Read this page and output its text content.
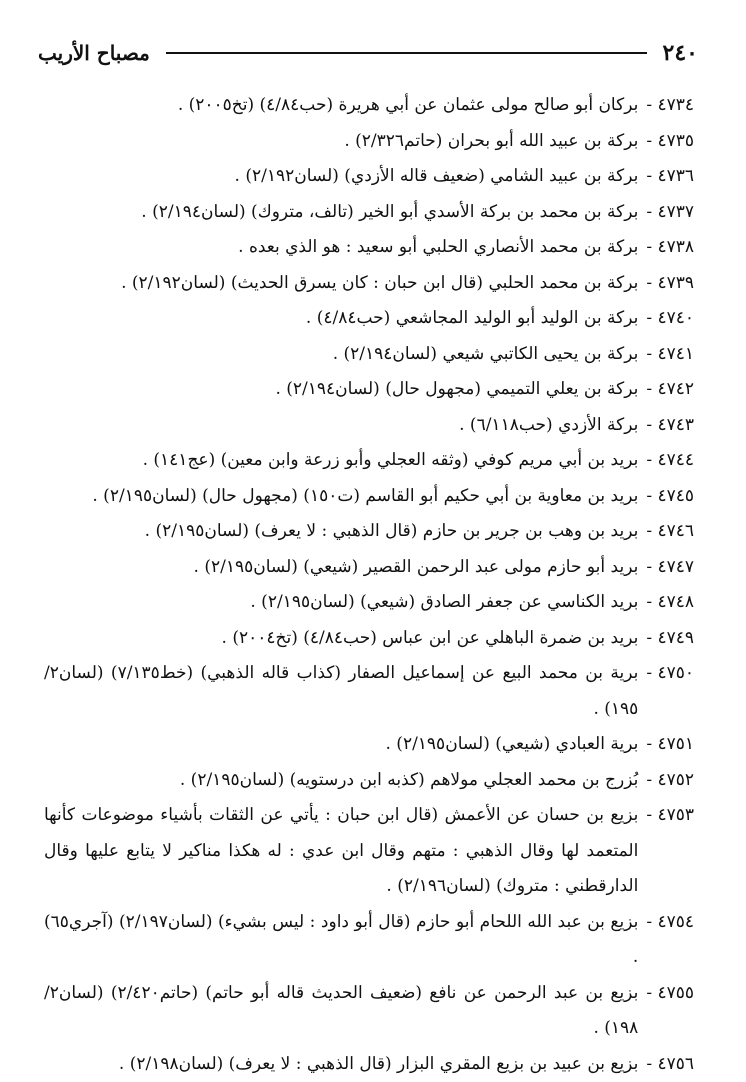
٢٤٠
مصباح الأريب
٤٧٣٤ -
بركان أبو صالح مولى عثمان عن أبي هريرة (حب٤/٨٤) (تخ٢٠٠٥) .
٤٧٣٥ -
بركة بن عبيد الله أبو بحران (حاتم٢/٣٢٦) .
٤٧٣٦ -
بركة بن عبيد الشامي (ضعيف قاله الأزدي) (لسان٢/١٩٢) .
٤٧٣٧ -
بركة بن محمد بن بركة الأسدي أبو الخير (تالف، متروك) (لسان٢/١٩٤) .
٤٧٣٨ -
بركة بن محمد الأنصاري الحلبي أبو سعيد : هو الذي بعده .
٤٧٣٩ -
بركة بن محمد الحلبي (قال ابن حبان : كان يسرق الحديث) (لسان٢/١٩٢) .
٤٧٤٠ -
بركة بن الوليد أبو الوليد المجاشعي (حب٤/٨٤) .
٤٧٤١ -
بركة بن يحيى الكاتبي شيعي (لسان٢/١٩٤) .
٤٧٤٢ -
بركة بن يعلي التميمي (مجهول حال) (لسان٢/١٩٤) .
٤٧٤٣ -
بركة الأزدي (حب٦/١١٨) .
٤٧٤٤ -
بريد بن أبي مريم كوفي (وثقه العجلي وأبو زرعة وابن معين) (عج١٤١) .
٤٧٤٥ -
بريد بن معاوية بن أبي حكيم أبو القاسم (ت١٥٠) (مجهول حال) (لسان٢/١٩٥) .
٤٧٤٦ -
بريد بن وهب بن جرير بن حازم (قال الذهبي : لا يعرف) (لسان٢/١٩٥) .
٤٧٤٧ -
بريد أبو حازم مولى عبد الرحمن القصير (شيعي) (لسان٢/١٩٥) .
٤٧٤٨ -
بريد الكناسي عن جعفر الصادق (شيعي) (لسان٢/١٩٥) .
٤٧٤٩ -
بريد بن ضمرة الباهلي عن ابن عباس (حب٤/٨٤) (تخ٢٠٠٤) .
٤٧٥٠ -
برية بن محمد البيع عن إسماعيل الصفار (كذاب قاله الذهبي) (خط٧/١٣٥) (لسان٢/ ١٩٥) .
٤٧٥١ -
برية العبادي (شيعي) (لسان٢/١٩٥) .
٤٧٥٢ -
بُزرج بن محمد العجلي مولاهم (كذبه ابن درستويه) (لسان٢/١٩٥) .
٤٧٥٣ -
بزيع بن حسان عن الأعمش (قال ابن حبان : يأتي عن الثقات بأشياء موضوعات كأنها المتعمد لها وقال الذهبي : متهم وقال ابن عدي : له هكذا مناكير لا يتابع عليها وقال الدارقطني : متروك) (لسان٢/١٩٦) .
٤٧٥٤ -
بزيع بن عبد الله اللحام أبو حازم (قال أبو داود : ليس بشيء) (لسان٢/١٩٧) (آجري٦٥) .
٤٧٥٥ -
بزيع بن عبد الرحمن عن نافع (ضعيف الحديث قاله أبو حاتم) (حاتم٢/٤٢٠) (لسان٢/ ١٩٨) .
٤٧٥٦ -
بزيع بن عبيد بن بزيع المقري البزار (قال الذهبي : لا يعرف) (لسان٢/١٩٨) .
